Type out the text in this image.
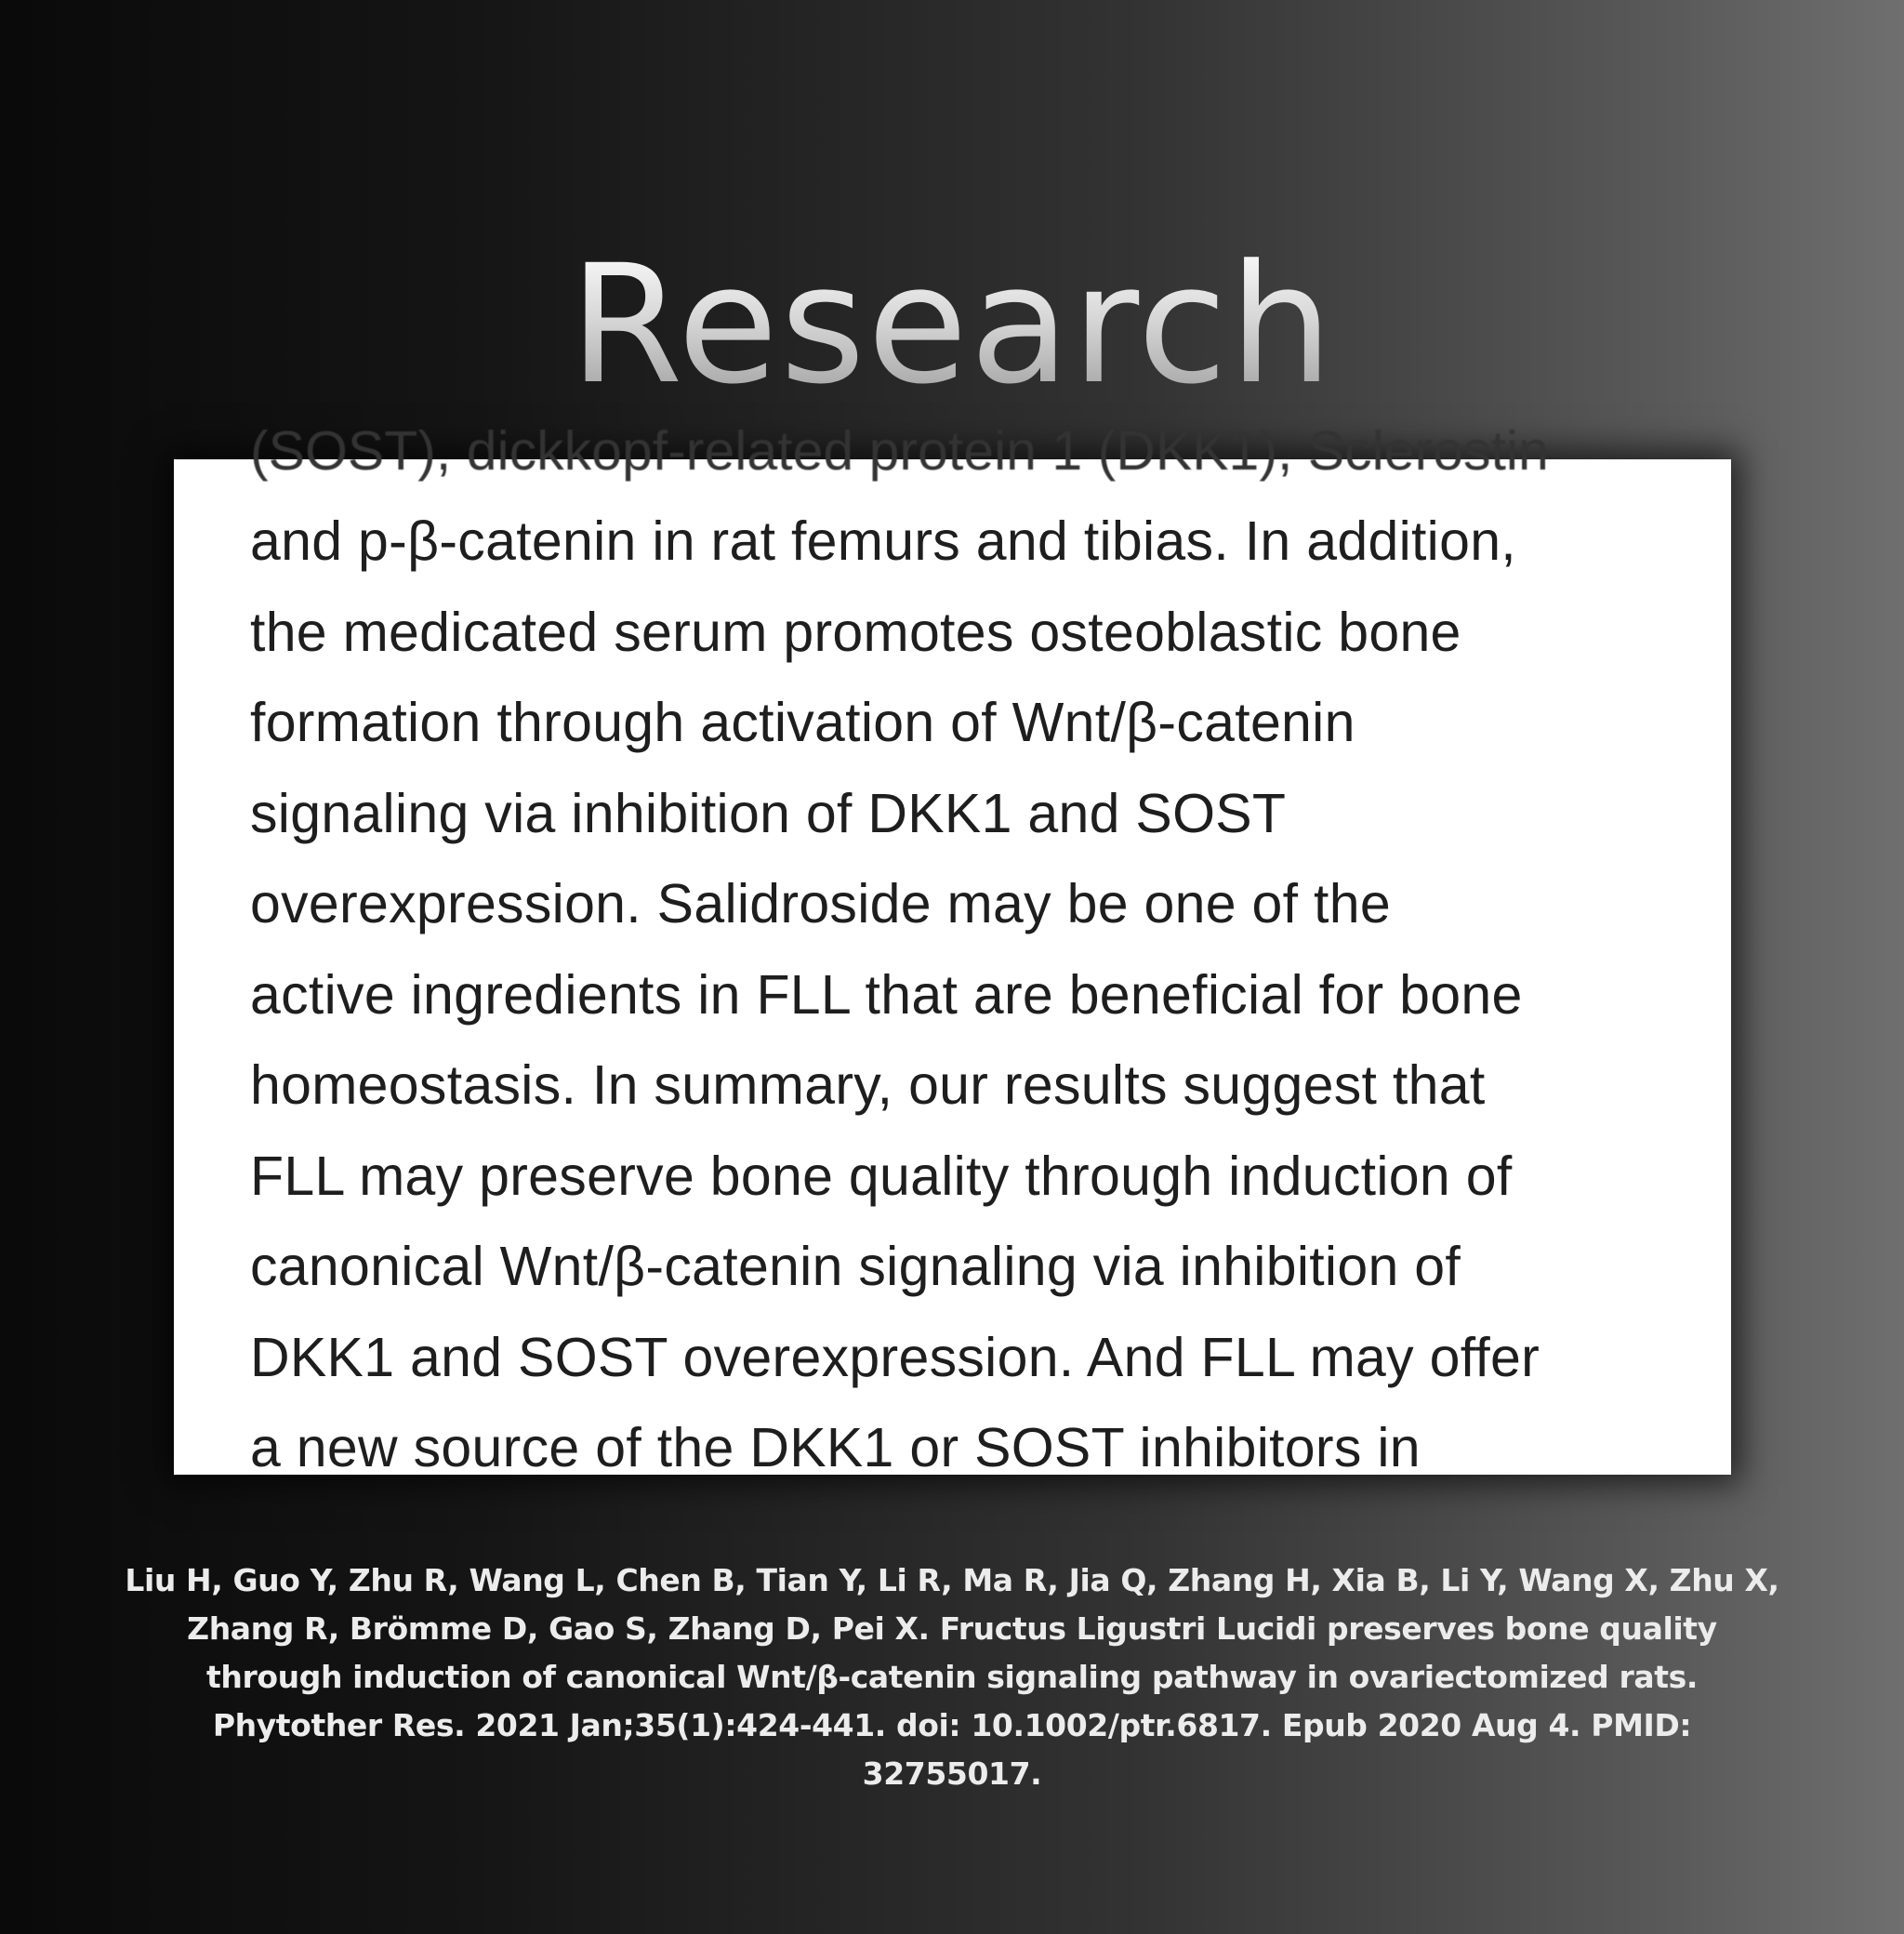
Research
(SOST), dickkopf-related protein 1 (DKK1), Sclerostin
and p-β-catenin in rat femurs and tibias. In addition,
the medicated serum promotes osteoblastic bone
formation through activation of Wnt/β-catenin
signaling via inhibition of DKK1 and SOST
overexpression. Salidroside may be one of the
active ingredients in FLL that are beneficial for bone
homeostasis. In summary, our results suggest that
FLL may preserve bone quality through induction of
canonical Wnt/β-catenin signaling via inhibition of
DKK1 and SOST overexpression. And FLL may offer
a new source of the DKK1 or SOST inhibitors in
Liu H, Guo Y, Zhu R, Wang L, Chen B, Tian Y, Li R, Ma R, Jia Q, Zhang H, Xia B, Li Y, Wang X, Zhu X, Zhang R, Brömme D, Gao S, Zhang D, Pei X. Fructus Ligustri Lucidi preserves bone quality through induction of canonical Wnt/β-catenin signaling pathway in ovariectomized rats. Phytother Res. 2021 Jan;35(1):424-441. doi: 10.1002/ptr.6817. Epub 2020 Aug 4. PMID: 32755017.
